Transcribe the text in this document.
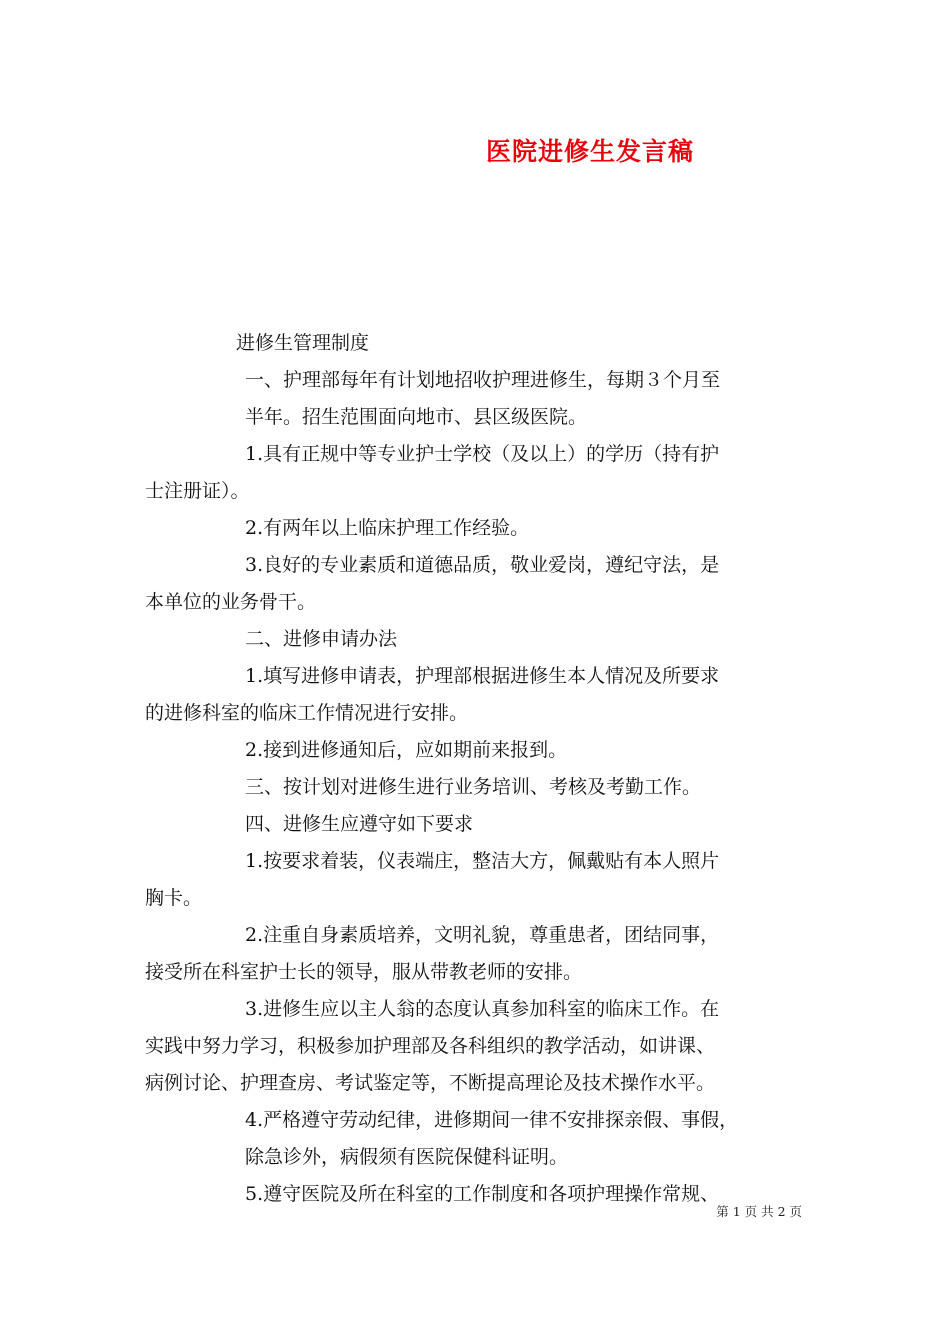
医院进修生发言稿
进修生管理制度
一、护理部每年有计划地招收护理进修生，每期３个月至
半年。招生范围面向地市、县区级医院。
1.具有正规中等专业护士学校（及以上）的学历（持有护
士注册证）。
2.有两年以上临床护理工作经验。
3.良好的专业素质和道德品质，敬业爱岗，遵纪守法，是
本单位的业务骨干。
二、进修申请办法
1.填写进修申请表，护理部根据进修生本人情况及所要求
的进修科室的临床工作情况进行安排。
2.接到进修通知后，应如期前来报到。
三、按计划对进修生进行业务培训、考核及考勤工作。
四、进修生应遵守如下要求
1.按要求着装，仪表端庄，整洁大方，佩戴贴有本人照片
胸卡。
2.注重自身素质培养，文明礼貌，尊重患者，团结同事，
接受所在科室护士长的领导，服从带教老师的安排。
3.进修生应以主人翁的态度认真参加科室的临床工作。在
实践中努力学习，积极参加护理部及各科组织的教学活动，如讲课、
病例讨论、护理查房、考试鉴定等，不断提高理论及技术操作水平。
4.严格遵守劳动纪律，进修期间一律不安排探亲假、事假，
除急诊外，病假须有医院保健科证明。
5.遵守医院及所在科室的工作制度和各项护理操作常规、
第 1 页 共 2 页
